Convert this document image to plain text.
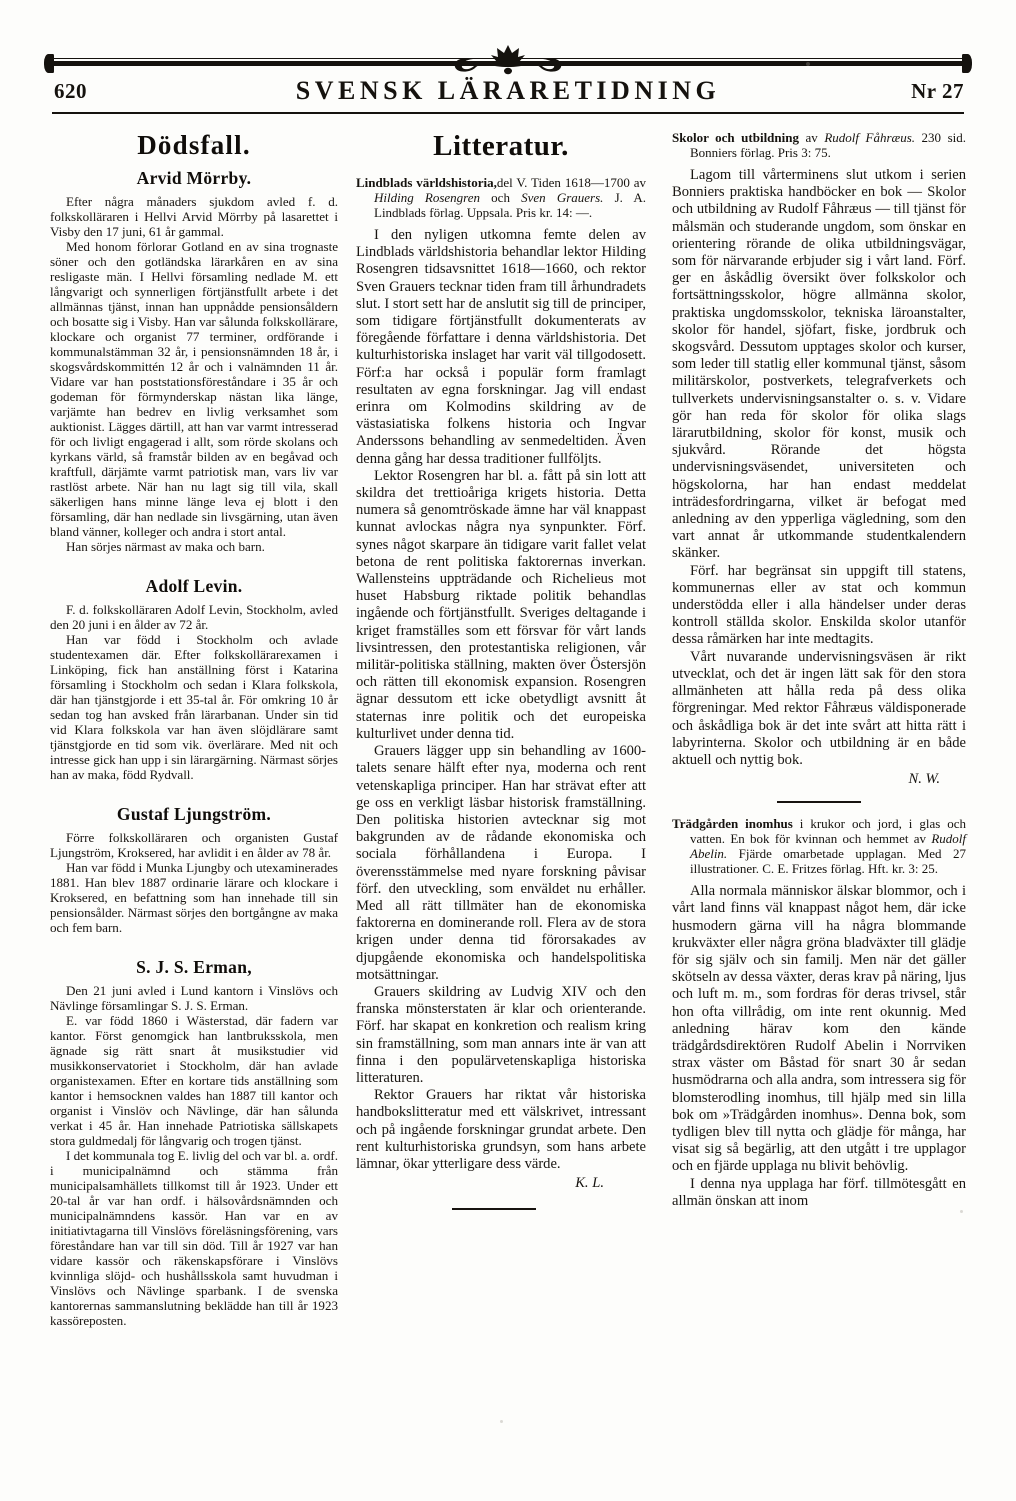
620	SVENSK LÄRARETIDNING	Nr 27
Dödsfall.
Arvid Mörrby.

Efter några månaders sjukdom avled f. d. folkskolläraren i Hellvi Arvid Mörrby på lasarettet i Visby den 17 juni, 61 år gammal.

Med honom förlorar Gotland en av sina trognaste söner och den gotländska lärarkåren en av sina resligaste män. I Hellvi församling nedlade M. ett långvarigt och synnerligen förtjänstfullt arbete i det allmännas tjänst, innan han uppnådde pensionsåldern och bosatte sig i Visby. Han var sålunda folkskollärare, klockare och organist 77 terminer, ordförande i kommunalstämman 32 år, i pensionsnämnden 18 år, i skogsvårdskommittén 12 år och i valnämnden 11 år. Vidare var han poststationsföreståndare i 35 år och godeman för förmynderskap nästan lika länge, varjämte han bedrev en livlig verksamhet som auktionist. Lägges därtill, att han var varmt intresserad för och livligt engagerad i allt, som rörde skolans och kyrkans värld, så framstår bilden av en begåvad och kraftfull, därjämte varmt patriotisk man, vars liv var rastlöst arbete. När han nu lagt sig till vila, skall säkerligen hans minne länge leva ej blott i den församling, där han nedlade sin livsgärning, utan även bland vänner, kolleger och andra i stort antal.

Han sörjes närmast av maka och barn.

Adolf Levin.

F. d. folkskolläraren Adolf Levin, Stockholm, avled den 20 juni i en ålder av 72 år.

Han var född i Stockholm och avlade studentexamen där. Efter folkskollärarexamen i Linköping, fick han anställning först i Katarina församling i Stockholm och sedan i Klara folkskola, där han tjänstgjorde i ett 35-tal år. För omkring 10 år sedan tog han avsked från lärarbanan. Under sin tid vid Klara folkskola var han även slöjdlärare samt tjänstgjorde en tid som vik. överlärare. Med nit och intresse gick han upp i sin lärargärning. Närmast sörjes han av maka, född Rydvall.

Gustaf Ljungström.

Förre folkskolläraren och organisten Gustaf Ljungström, Kroksered, har avlidit i en ålder av 78 år.

Han var född i Munka Ljungby och utexaminerades 1881. Han blev 1887 ordinarie lärare och klockare i Kroksered, en befattning som han innehade till sin pensionsålder. Närmast sörjes den bortgångne av maka och fem barn.

S. J. S. Erman,

Den 21 juni avled i Lund kantorn i Vinslövs och Nävlinge församlingar S. J. S. Erman.

E. var född 1860 i Wästerstad, där fadern var kantor. Först genomgick han lantbruksskola, men ägnade sig rätt snart åt musikstudier vid musikkonservatoriet i Stockholm, där han avlade organistexamen. Efter en kortare tids anställning som kantor i hemsocknen valdes han 1887 till kantor och organist i Vinslöv och Nävlinge, där han sålunda verkat i 45 år. Han innehade Patriotiska sällskapets stora guldmedalj för långvarig och trogen tjänst.

I det kommunala tog E. livlig del och var bl. a. ordf. i municipalnämnd och stämma från municipalsamhällets tillkomst till år 1923. Under ett 20-tal år var han ordf. i hälsovårdsnämnden och municipalnämndens kassör. Han var en av initiativtagarna till Vinslövs föreläsningsförening, vars föreståndare han var till sin död. Till år 1927 var han vidare kassör och räkenskapsförare i Vinslövs kvinnliga slöjd- och hushållsskola samt huvudman i Vinslövs och Nävlinge sparbank. I de svenska kantorernas sammanslutning beklädde han till år 1923 kassöreposten.

Litteratur.

Lindblads världshistoria,del V. Tiden 1618—1700 av Hilding Rosengren och Sven Grauers. J. A. Lindblads förlag. Uppsala. Pris kr. 14: —.

I den nyligen utkomna femte delen av Lindblads världshistoria behandlar lektor Hilding Rosengren tidsavsnittet 1618—1660, och rektor Sven Grauers tecknar tiden fram till århundradets slut. I stort sett har de anslutit sig till de principer, som tidigare förtjänstfullt dokumenterats av föregående författare i denna världshistoria. Det kulturhistoriska inslaget har varit väl tillgodosett. Förf:a har också i populär form framlagt resultaten av egna forskningar. Jag vill endast erinra om Kolmodins skildring av de västasiatiska folkens historia och Ingvar Anderssons behandling av senmedeltiden. Även denna gång har dessa traditioner fullföljts.

Lektor Rosengren har bl. a. fått på sin lott att skildra det trettioåriga krigets historia. Detta numera så genomtröskade ämne har väl knappast kunnat avlockas några nya synpunkter. Förf. synes något skarpare än tidigare varit fallet velat betona de rent politiska faktorernas inverkan. Wallensteins uppträdande och Richelieus mot huset Habsburg riktade politik behandlas ingående och förtjänstfullt. Sveriges deltagande i kriget framställes som ett försvar för vårt lands livsintressen, den protestantiska religionen, vår militär-politiska ställning, makten över Östersjön och rätten till ekonomisk expansion. Rosengren ägnar dessutom ett icke obetydligt avsnitt åt staternas inre politik och det europeiska kulturlivet under denna tid.

Grauers lägger upp sin behandling av 1600-talets senare hälft efter nya, moderna och rent vetenskapliga principer. Han har strävat efter att ge oss en verkligt läsbar historisk framställning. Den politiska historien avtecknar sig mot bakgrunden av de rådande ekonomiska och sociala förhållandena i Europa. I överensstämmelse med nyare forskning påvisar förf. den utveckling, som enväldet nu erhåller. Med all rätt tillmäter han de ekonomiska faktorerna en dominerande roll. Flera av de stora krigen under denna tid förorsakades av djupgående ekonomiska och handelspolitiska motsättningar.

Grauers skildring av Ludvig XIV och den franska mönsterstaten är klar och orienterande. Förf. har skapat en konkretion och realism kring sin framställning, som man annars inte är van att finna i den populärvetenskapliga historiska litteraturen.

Rektor Grauers har riktat vår historiska handbokslitteratur med ett välskrivet, intressant och på ingående forskningar grundat arbete. Den rent kulturhistoriska grundsyn, som hans arbete lämnar, ökar ytterligare dess värde.

K. L.

Skolor och utbildning av Rudolf Fåhræus. 230 sid. Bonniers förlag. Pris 3: 75.

Lagom till vårterminens slut utkom i serien Bonniers praktiska handböcker en bok — Skolor och utbildning av Rudolf Fåhræus — till tjänst för målsmän och studerande ungdom, som önskar en orientering rörande de olika utbildningsvägar, som för närvarande erbjuder sig i vårt land. Förf. ger en åskådlig översikt över folkskolor och fortsättningsskolor, högre allmänna skolor, praktiska ungdomsskolor, tekniska läroanstalter, skolor för handel, sjöfart, fiske, jordbruk och skogsvård. Dessutom upptages skolor och kurser, som leder till statlig eller kommunal tjänst, såsom militärskolor, postverkets, telegrafverkets och tullverkets undervisningsanstalter o. s. v. Vidare gör han reda för skolor för olika slags lärarutbildning, skolor för konst, musik och sjukvård. Rörande det högsta undervisningsväsendet, universiteten och högskolorna, har han endast meddelat inträdesfordringarna, vilket är befogat med anledning av den ypperliga vägledning, som den vart annat år utkommande studentkalendern skänker.

Förf. har begränsat sin uppgift till statens, kommunernas eller av stat och kommun understödda eller i alla händelser under deras kontroll ställda skolor. Enskilda skolor utanför dessa råmärken har inte medtagits.

Vårt nuvarande undervisningsväsen är rikt utvecklat, och det är ingen lätt sak för den stora allmänheten att hålla reda på dess olika förgreningar. Med rektor Fåhræus väldisponerade och åskådliga bok är det inte svårt att hitta rätt i labyrinterna. Skolor och utbildning är en både aktuell och nyttig bok.

N. W.

Trädgården inomhus i krukor och jord, i glas och vatten. En bok för kvinnan och hemmet av Rudolf Abelin. Fjärde omarbetade upplagan. Med 27 illustrationer. C. E. Fritzes förlag. Hft. kr. 3: 25.

Alla normala människor älskar blommor, och i vårt land finns väl knappast något hem, där icke husmodern gärna vill ha några blommande krukväxter eller några gröna bladväxter till glädje för sig själv och sin familj. Men när det gäller skötseln av dessa växter, deras krav på näring, ljus och luft m. m., som fordras för deras trivsel, står hon ofta villrådig, om inte rent okunnig. Med anledning härav kom den kände trädgårdsdirektören Rudolf Abelin i Norrviken strax väster om Båstad för snart 30 år sedan husmödrarna och alla andra, som intressera sig för blomsterodling inomhus, till hjälp med sin lilla bok om »Trädgården inomhus». Denna bok, som tydligen blev till nytta och glädje för många, har visat sig så begärlig, att den utgått i tre upplagor och en fjärde upplaga nu blivit behövlig.

I denna nya upplaga har förf. tillmötesgått en allmän önskan att inom
